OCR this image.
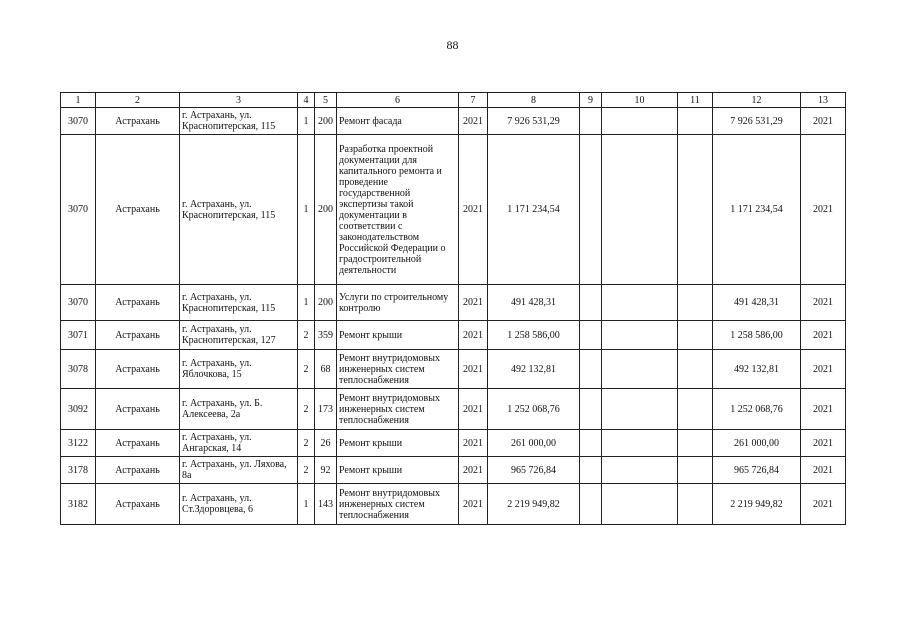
88
1	2	3	4	5	6	7	8	9	10	11	12	13
3070	Астрахань	г. Астрахань, ул. Краснопитерская, 115	1	200	Ремонт фасада	2021	7 926 531,29				7 926 531,29	2021
3070	Астрахань	г. Астрахань, ул. Краснопитерская, 115	1	200	Разработка проектной документации для капитального ремонта и проведение государственной экспертизы такой документации в соответствии с законодательством Российской Федерации о градостроительной деятельности	2021	1 171 234,54				1 171 234,54	2021
3070	Астрахань	г. Астрахань, ул. Краснопитерская, 115	1	200	Услуги по строительному контролю	2021	491 428,31				491 428,31	2021
3071	Астрахань	г. Астрахань, ул. Краснопитерская, 127	2	359	Ремонт крыши	2021	1 258 586,00				1 258 586,00	2021
3078	Астрахань	г. Астрахань, ул. Яблочкова, 15	2	68	Ремонт внутридомовых инженерных систем теплоснабжения	2021	492 132,81				492 132,81	2021
3092	Астрахань	г. Астрахань, ул. Б. Алексеева, 2а	2	173	Ремонт внутридомовых инженерных систем теплоснабжения	2021	1 252 068,76				1 252 068,76	2021
3122	Астрахань	г. Астрахань, ул. Ангарская, 14	2	26	Ремонт крыши	2021	261 000,00				261 000,00	2021
3178	Астрахань	г. Астрахань, ул. Ляхова, 8а	2	92	Ремонт крыши	2021	965 726,84				965 726,84	2021
3182	Астрахань	г. Астрахань, ул. Ст.Здоровцева, 6	1	143	Ремонт внутридомовых инженерных систем теплоснабжения	2021	2 219 949,82				2 219 949,82	2021
